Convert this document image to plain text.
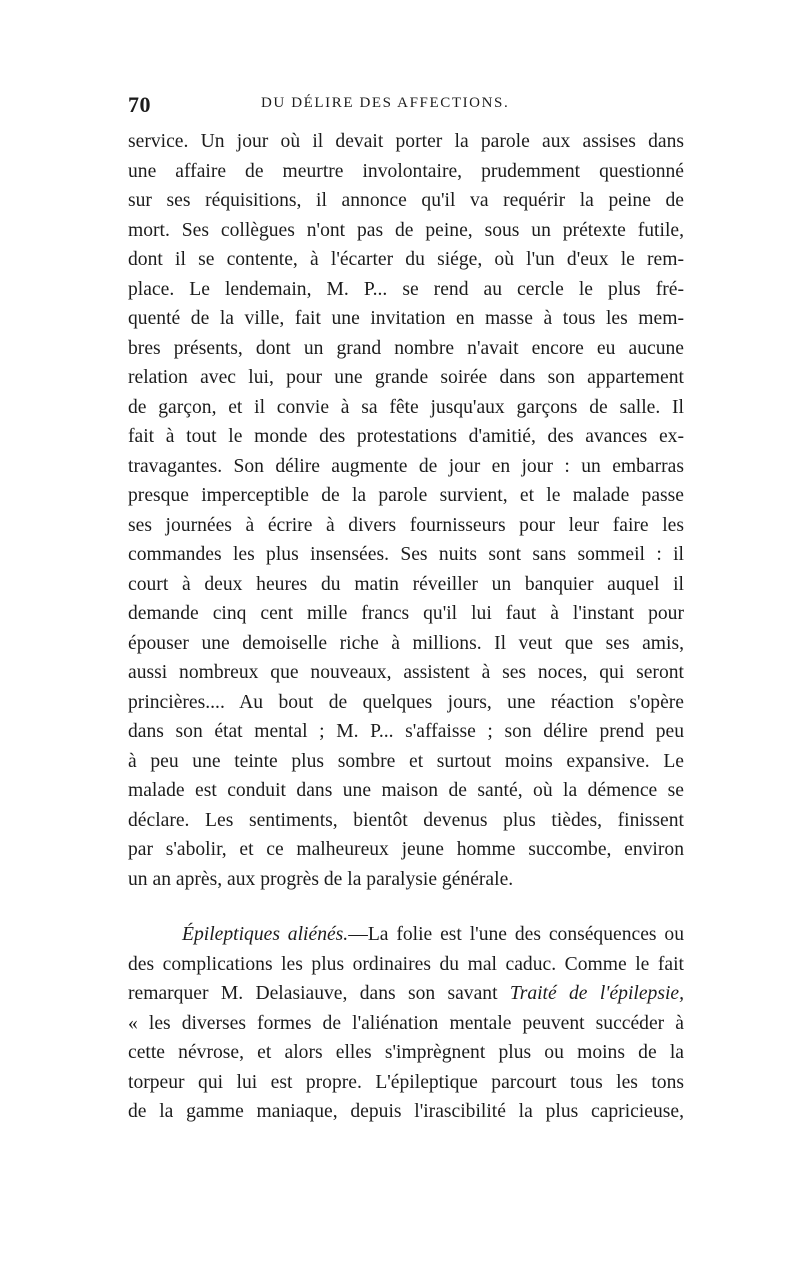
70	DU DÉLIRE DES AFFECTIONS.
service. Un jour où il devait porter la parole aux assises dans
une affaire de meurtre involontaire, prudemment questionné
sur ses réquisitions, il annonce qu'il va requérir la peine de
mort. Ses collègues n'ont pas de peine, sous un prétexte futile,
dont il se contente, à l'écarter du siége, où l'un d'eux le rem-
place. Le lendemain, M. P... se rend au cercle le plus fré-
quenté de la ville, fait une invitation en masse à tous les mem-
bres présents, dont un grand nombre n'avait encore eu aucune
relation avec lui, pour une grande soirée dans son appartement
de garçon, et il convie à sa fête jusqu'aux garçons de salle. Il
fait à tout le monde des protestations d'amitié, des avances ex-
travagantes. Son délire augmente de jour en jour : un embarras
presque imperceptible de la parole survient, et le malade passe
ses journées à écrire à divers fournisseurs pour leur faire les
commandes les plus insensées. Ses nuits sont sans sommeil : il
court à deux heures du matin réveiller un banquier auquel il
demande cinq cent mille francs qu'il lui faut à l'instant pour
épouser une demoiselle riche à millions. Il veut que ses amis,
aussi nombreux que nouveaux, assistent à ses noces, qui seront
princières.... Au bout de quelques jours, une réaction s'opère
dans son état mental ; M. P... s'affaisse ; son délire prend peu
à peu une teinte plus sombre et surtout moins expansive. Le
malade est conduit dans une maison de santé, où la démence se
déclare. Les sentiments, bientôt devenus plus tièdes, finissent
par s'abolir, et ce malheureux jeune homme succombe, environ
un an après, aux progrès de la paralysie générale.
Épileptiques aliénés.—La folie est l'une des conséquences ou
des complications les plus ordinaires du mal caduc. Comme le fait
remarquer M. Delasiauve, dans son savant Traité de l'épilepsie,
« les diverses formes de l'aliénation mentale peuvent succéder à
cette névrose, et alors elles s'imprègnent plus ou moins de la
torpeur qui lui est propre. L'épileptique parcourt tous les tons
de la gamme maniaque, depuis l'irascibilité la plus capricieuse,
